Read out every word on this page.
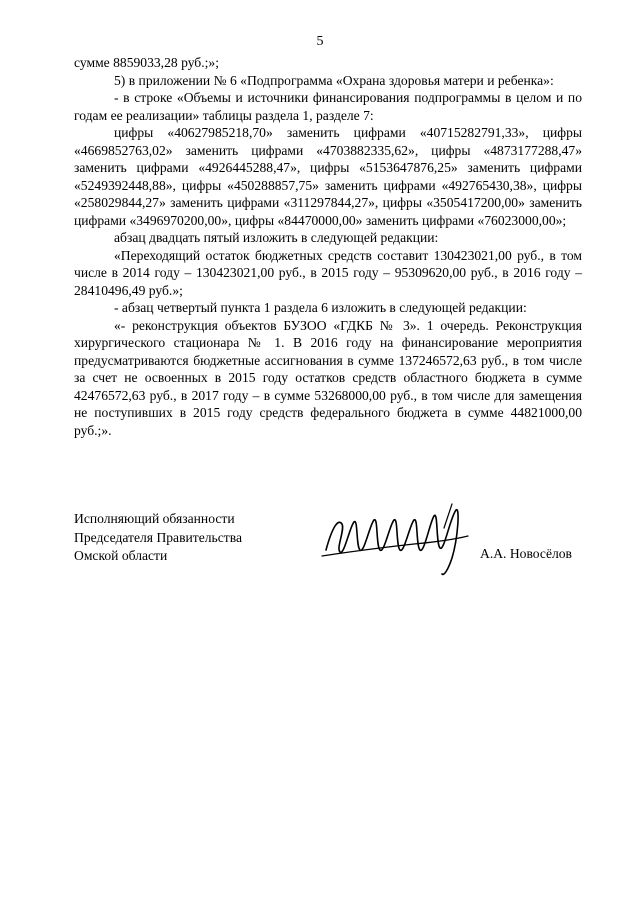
5

сумме 8859033,28 руб.;»;

5) в приложении № 6 «Подпрограмма «Охрана здоровья матери и ребенка»:

- в строке «Объемы и источники финансирования подпрограммы в целом и по годам ее реализации» таблицы раздела 1, разделе 7:

цифры «40627985218,70» заменить цифрами «40715282791,33», цифры «4669852763,02» заменить цифрами «4703882335,62», цифры «4873177288,47» заменить цифрами «4926445288,47», цифры «5153647876,25» заменить цифрами «5249392448,88», цифры «450288857,75» заменить цифрами «492765430,38», цифры «258029844,27» заменить цифрами «311297844,27», цифры «3505417200,00» заменить цифрами «3496970200,00», цифры «84470000,00» заменить цифрами «76023000,00»;

абзац двадцать пятый изложить в следующей редакции:

«Переходящий остаток бюджетных средств составит 130423021,00 руб., в том числе в 2014 году – 130423021,00 руб., в 2015 году – 95309620,00 руб., в 2016 году – 28410496,49 руб.»;

- абзац четвертый пункта 1 раздела 6 изложить в следующей редакции:

«- реконструкция объектов БУЗОО «ГДКБ № 3». 1 очередь. Реконструкция хирургического стационара № 1. В 2016 году на финансирование мероприятия предусматриваются бюджетные ассигнования в сумме 137246572,63 руб., в том числе за счет не освоенных в 2015 году остатков средств областного бюджета в сумме 42476572,63 руб., в 2017 году – в сумме 53268000,00 руб., в том числе для замещения не поступивших в 2015 году средств федерального бюджета в сумме 44821000,00 руб.;».

Исполняющий обязанности
Председателя Правительства
Омской области	А.А. Новосёлов
